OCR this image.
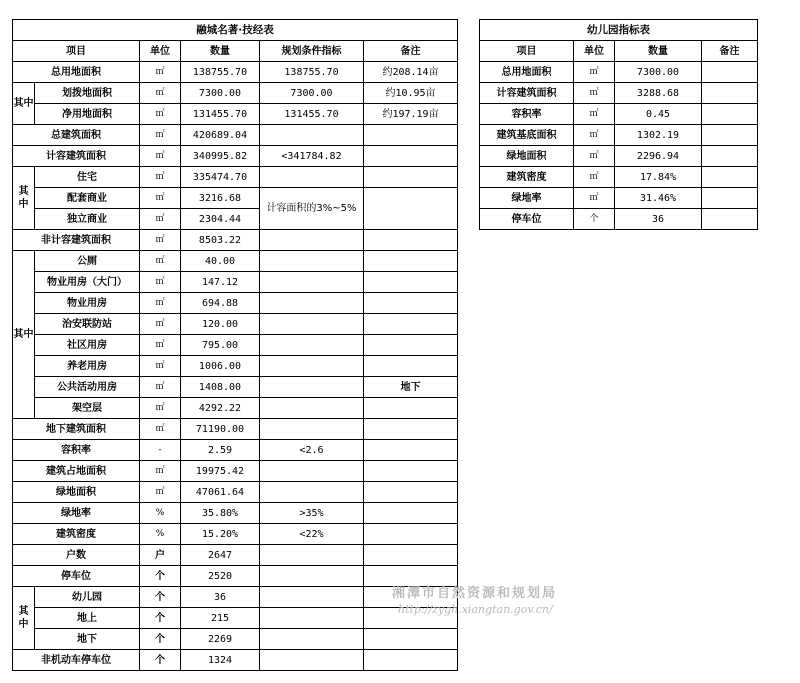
融城名著·技经表					
项目		单位	数量	规划条件指标	备注
总用地面积		㎡	138755.70	138755.70	约208.14亩
其中	划拨地面积	㎡	7300.00	7300.00	约10.95亩
	净用地面积	㎡	131455.70	131455.70	约197.19亩
总建筑面积		㎡	420689.04		
计容建筑面积		㎡	340995.82	<341784.82	
其中	住宅	㎡	335474.70		
	配套商业	㎡	3216.68	计容面积的3%~5%	
	独立商业	㎡	2304.44		
非计容建筑面积		㎡	8503.22		
其中	公厕	㎡	40.00		
	物业用房（大门）	㎡	147.12		
	物业用房	㎡	694.88		
	治安联防站	㎡	120.00		
	社区用房	㎡	795.00		
	养老用房	㎡	1006.00		
	公共活动用房	㎡	1408.00		地下
	架空层	㎡	4292.22		
地下建筑面积		㎡	71190.00		
容积率		-	2.59	<2.6	
建筑占地面积		㎡	19975.42		
绿地面积		㎡	47061.64		
绿地率		%	35.80%	>35%	
建筑密度		%	15.20%	<22%	
户数		户	2647		
停车位		个	2520		
其中	幼儿园	个	36		
	地上	个	215		
	地下	个	2269		
非机动车停车位		个	1324		
幼儿园指标表			
项目	单位	数量	备注
总用地面积	㎡	7300.00	
计容建筑面积	㎡	3288.68	
容积率	㎡	0.45	
建筑基底面积	㎡	1302.19	
绿地面积	㎡	2296.94	
建筑密度	㎡	17.84%	
绿地率	㎡	31.46%	
停车位	个	36	
湘潭市自然资源和规划局
http://zygh.xiangtan.gov.cn/
